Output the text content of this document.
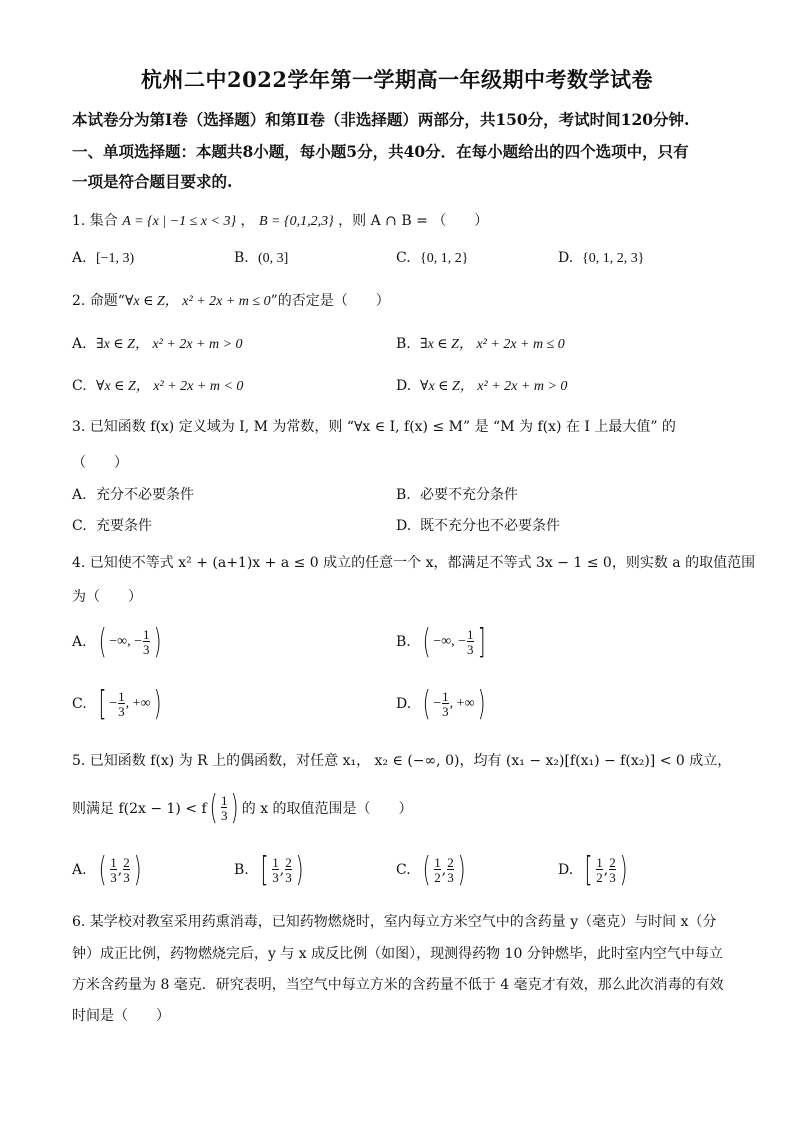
杭州二中2022学年第一学期高一年级期中考数学试卷
本试卷分为第Ⅰ卷（选择题）和第Ⅱ卷（非选择题）两部分，共150分，考试时间120分钟.
一、单项选择题：本题共8小题，每小题5分，共40分．在每小题给出的四个选项中，只有
一项是符合题目要求的.
1. 集合 A = {x | −1 ≤ x < 3} ， B = {0,1,2,3} ，则 A ∩ B = （　　）
A. [−1, 3)	B. (0, 3]	C. {0, 1, 2}	D. {0, 1, 2, 3}
2. 命题“∀x ∈ Z， x² + 2x + m ≤ 0”的否定是（　　）
A. ∃x ∈ Z， x² + 2x + m > 0	B. ∃x ∈ Z， x² + 2x + m ≤ 0
C. ∀x ∈ Z， x² + 2x + m < 0	D. ∀x ∈ Z， x² + 2x + m > 0
3. 已知函数 f(x) 定义域为 I, M 为常数，则 “∀x ∈ I, f(x) ≤ M” 是 “M 为 f(x) 在 I 上最大值” 的
（　　）
A. 充分不必要条件	B. 必要不充分条件
C. 充要条件	D. 既不充分也不必要条件
4. 已知使不等式 x² + (a+1)x + a ≤ 0 成立的任意一个 x，都满足不等式 3x − 1 ≤ 0，则实数 a 的取值范围
为（　　）
A. ( −∞, − $\frac{1}{3}$ )	B. ( −∞, − $\frac{1}{3}$ ]
C. [ − $\frac{1}{3}$ , +∞)	D. ( − $\frac{1}{3}$ , +∞)
5. 已知函数 f(x) 为 R 上的偶函数，对任意 x₁， x₂ ∈ (−∞, 0)，均有 (x₁ − x₂)[f(x₁) − f(x₂)] < 0 成立，
则满足 $f(2x - 1) < f( \frac{1}{3}$ ) 的 x 的取值范围是（　　）
A. ( $\frac{1}{3}$ , $\frac{2}{3}$ )	B. [ $\frac{1}{3}$ , $\frac{2}{3}$ )	C. ( $\frac{1}{2}$ , $\frac{2}{3}$ )	D. [ $\frac{1}{2}$ , $\frac{2}{3}$ )
6. 某学校对教室采用药熏消毒，已知药物燃烧时，室内每立方米空气中的含药量 y（毫克）与时间 x（分
钟）成正比例，药物燃烧完后，y 与 x 成反比例（如图），现测得药物 10 分钟燃毕，此时室内空气中每立
方米含药量为 8 毫克．研究表明，当空气中每立方米的含药量不低于 4 毫克才有效，那么此次消毒的有效
时间是（　　）
